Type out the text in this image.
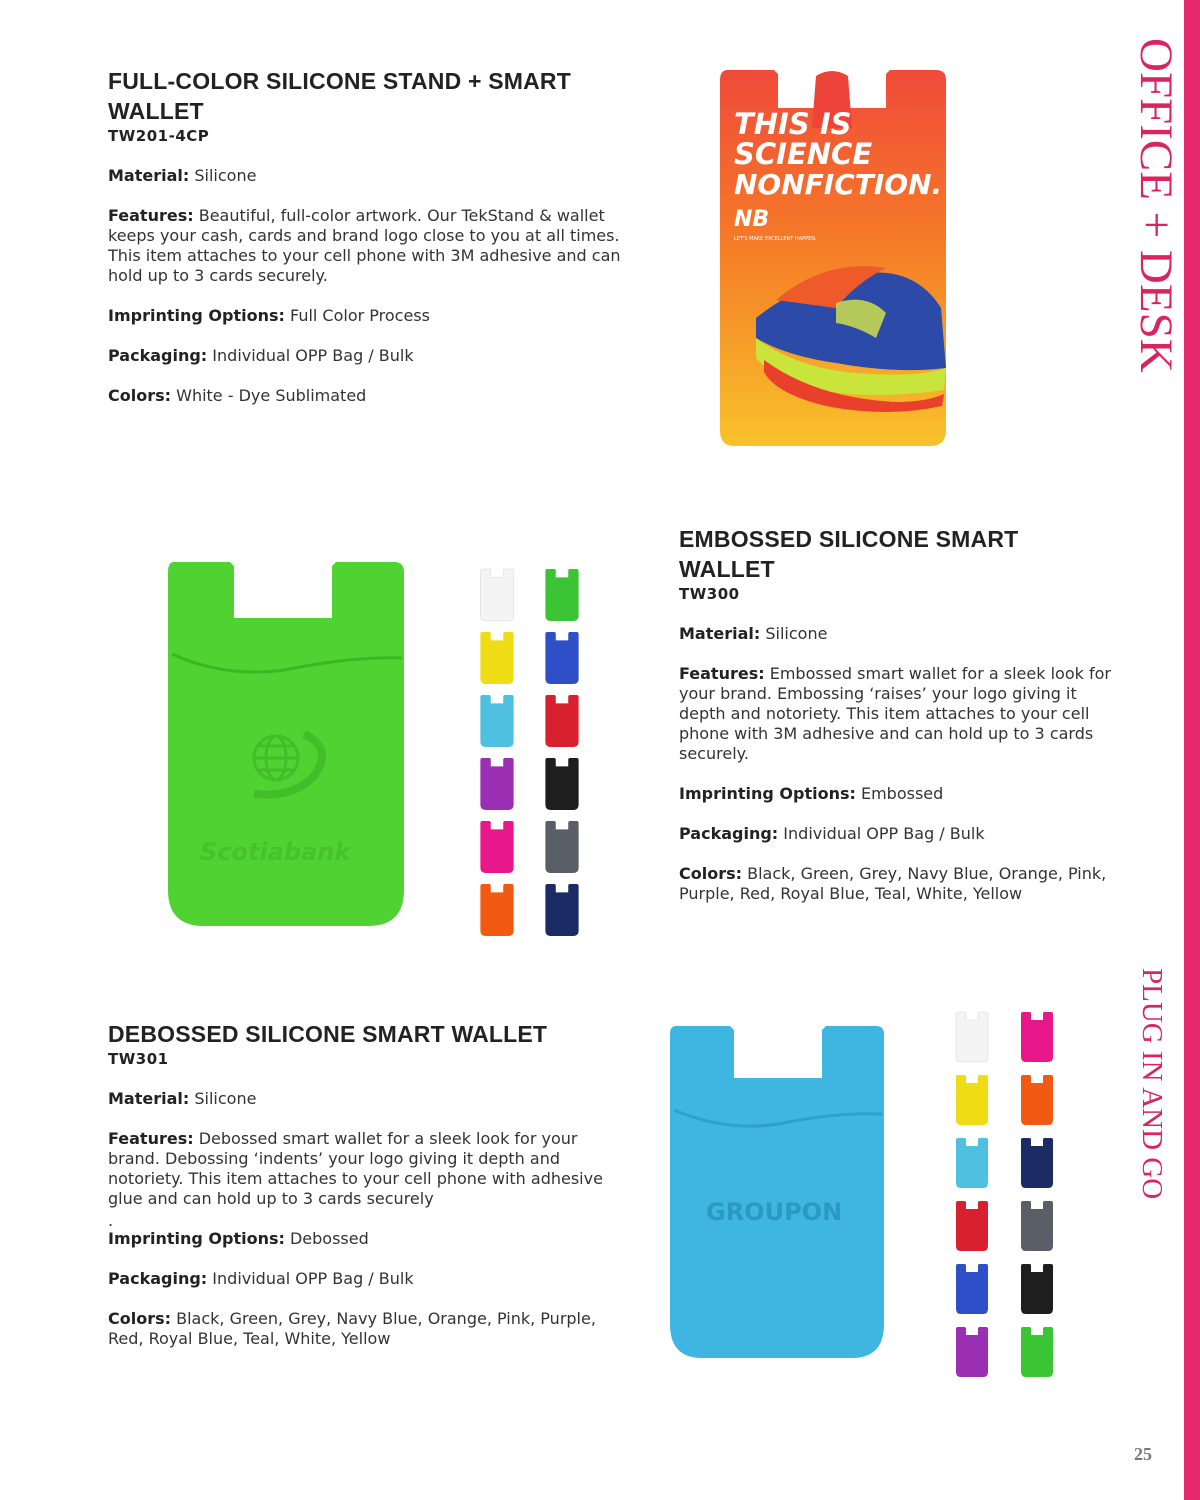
OFFICE + DESK
PLUG IN AND GO
FULL-COLOR SILICONE STAND + SMART WALLET
TW201-4CP
Material: Silicone
Features: Beautiful, full-color artwork. Our TekStand & wallet keeps your cash, cards and brand logo close to you at all times. This item attaches to your cell phone with 3M adhesive and can hold up to 3 cards securely.
Imprinting Options: Full Color Process
Packaging: Individual OPP Bag / Bulk
Colors: White - Dye Sublimated
THIS IS
SCIENCE
NONFICTION.
NB
LET'S MAKE EXCELLENT HAPPEN.
Scotiabank
EMBOSSED SILICONE SMART WALLET
TW300
Material: Silicone
Features: Embossed smart wallet for a sleek look for your brand. Embossing ‘raises’ your logo giving it depth and notoriety. This item attaches to your cell phone with 3M adhesive and can hold up to 3 cards securely.
Imprinting Options: Embossed
Packaging: Individual OPP Bag / Bulk
Colors: Black, Green, Grey, Navy Blue, Orange, Pink, Purple, Red, Royal Blue, Teal, White, Yellow
DEBOSSED SILICONE SMART WALLET
TW301
Material: Silicone
Features: Debossed smart wallet for a sleek look for your brand. Debossing ‘indents’ your logo giving it depth and notoriety. This item attaches to your cell phone with adhesive glue and can hold up to 3 cards securely
.
Imprinting Options: Debossed
Packaging: Individual OPP Bag / Bulk
Colors: Black, Green, Grey, Navy Blue, Orange, Pink, Purple, Red, Royal Blue, Teal, White, Yellow
GROUPON
25
